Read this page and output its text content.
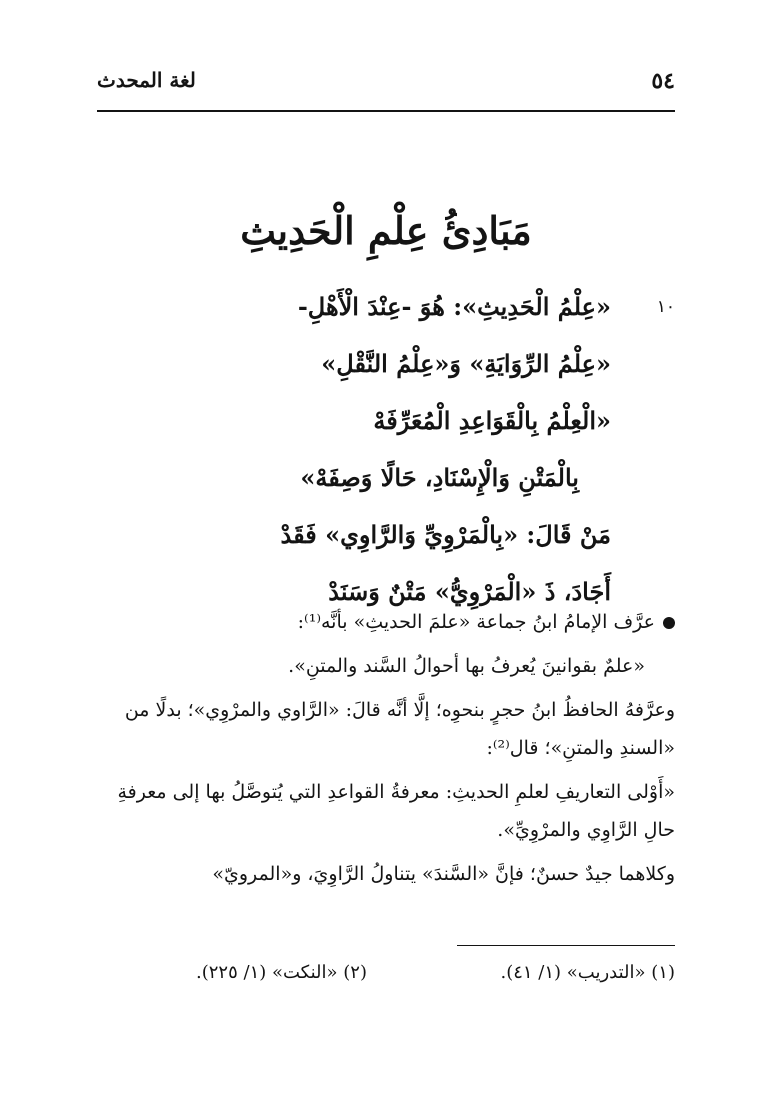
٥٤
لغة المحدث
مَبَادِئُ عِلْمِ الْحَدِيثِ
١٠
«عِلْمُ الْحَدِيثِ»: هُوَ -عِنْدَ الْأَهْلِ-
«عِلْمُ الرِّوَايَةِ» وَ«عِلْمُ النَّقْلِ»
«الْعِلْمُ بِالْقَوَاعِدِ الْمُعَرِّفَهْ
بِالْمَتْنِ وَالْإِسْنَادِ، حَالًا وَصِفَهْ»
مَنْ قَالَ: «بِالْمَرْوِيِّ وَالرَّاوِي» فَقَدْ
أَجَادَ، ذَ «الْمَرْوِيُّ» مَتْنٌ وَسَنَدْ

عرَّف الإمامُ ابنُ جماعة «علمَ الحديثِ» بأنَّه⁽¹⁾:

«علمٌ بقوانينَ يُعرفُ بها أحوالُ السَّند والمتنِ».

وعرَّفهُ الحافظُ ابنُ حجرٍ بنحوِه؛ إلَّا أنَّه قالَ: «الرَّاوي والمرْوِي»؛ بدلًا من «السندِ والمتنِ»؛ قال⁽²⁾:

«أَوْلى التعاريفِ لعلمِ الحديثِ: معرفةُ القواعدِ التي يُتوصَّلُ بها إلى معرفةِ حالِ الرَّاوِي والمرْوِيِّ».

وكلاهما جيدٌ حسنٌ؛ فإنَّ «السَّندَ» يتناولُ الرَّاوِيَ، و«المرويّ»

(١) «التدريب» (١/ ٤١).
(٢) «النكت» (١/ ٢٢٥).
